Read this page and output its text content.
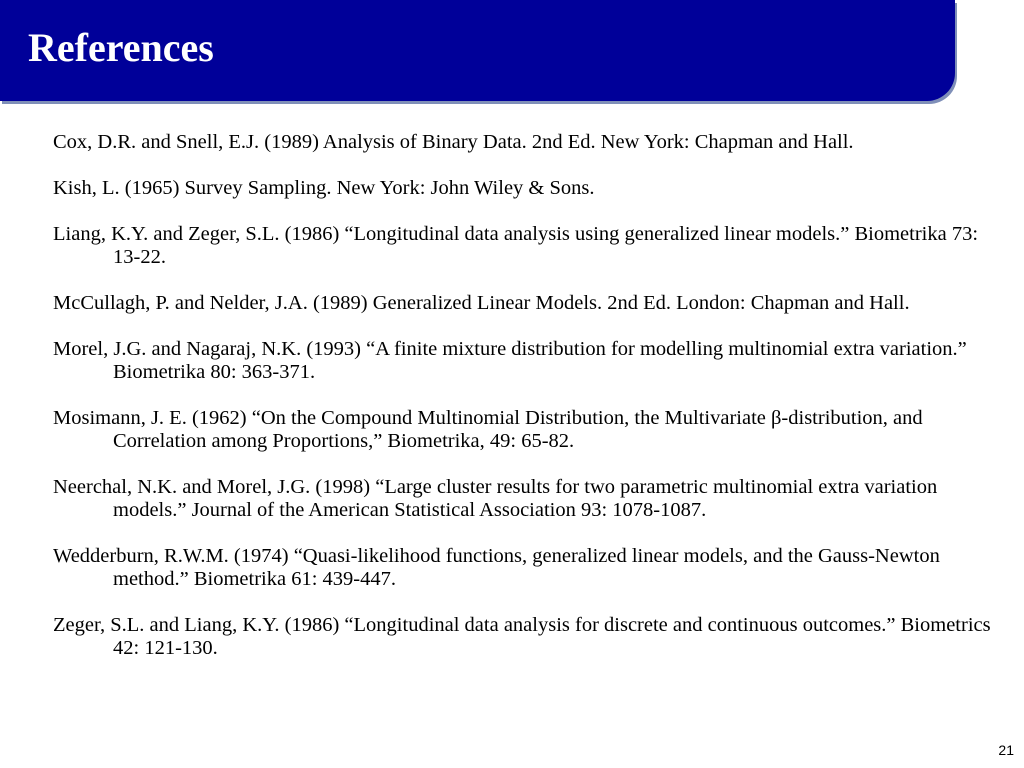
References
Cox, D.R. and Snell, E.J. (1989) Analysis of Binary Data. 2nd Ed. New York: Chapman and Hall.
Kish, L. (1965) Survey Sampling. New York: John Wiley & Sons.
Liang, K.Y. and Zeger, S.L. (1986) “Longitudinal data analysis using generalized linear models.” Biometrika 73: 13-22.
McCullagh, P. and Nelder, J.A. (1989) Generalized Linear Models. 2nd Ed. London: Chapman and Hall.
Morel, J.G. and Nagaraj, N.K. (1993) “A finite mixture distribution for modelling multinomial extra variation.” Biometrika 80: 363-371.
Mosimann, J. E. (1962) “On the Compound Multinomial Distribution, the Multivariate β-distribution, and Correlation among Proportions,” Biometrika, 49: 65-82.
Neerchal, N.K. and Morel, J.G. (1998) “Large cluster results for two parametric multinomial extra variation models.” Journal of the American Statistical Association 93: 1078-1087.
Wedderburn, R.W.M. (1974) “Quasi-likelihood functions, generalized linear models, and the Gauss-Newton method.” Biometrika 61: 439-447.
Zeger, S.L. and Liang, K.Y. (1986) “Longitudinal data analysis for discrete and continuous outcomes.” Biometrics 42: 121-130.
21
